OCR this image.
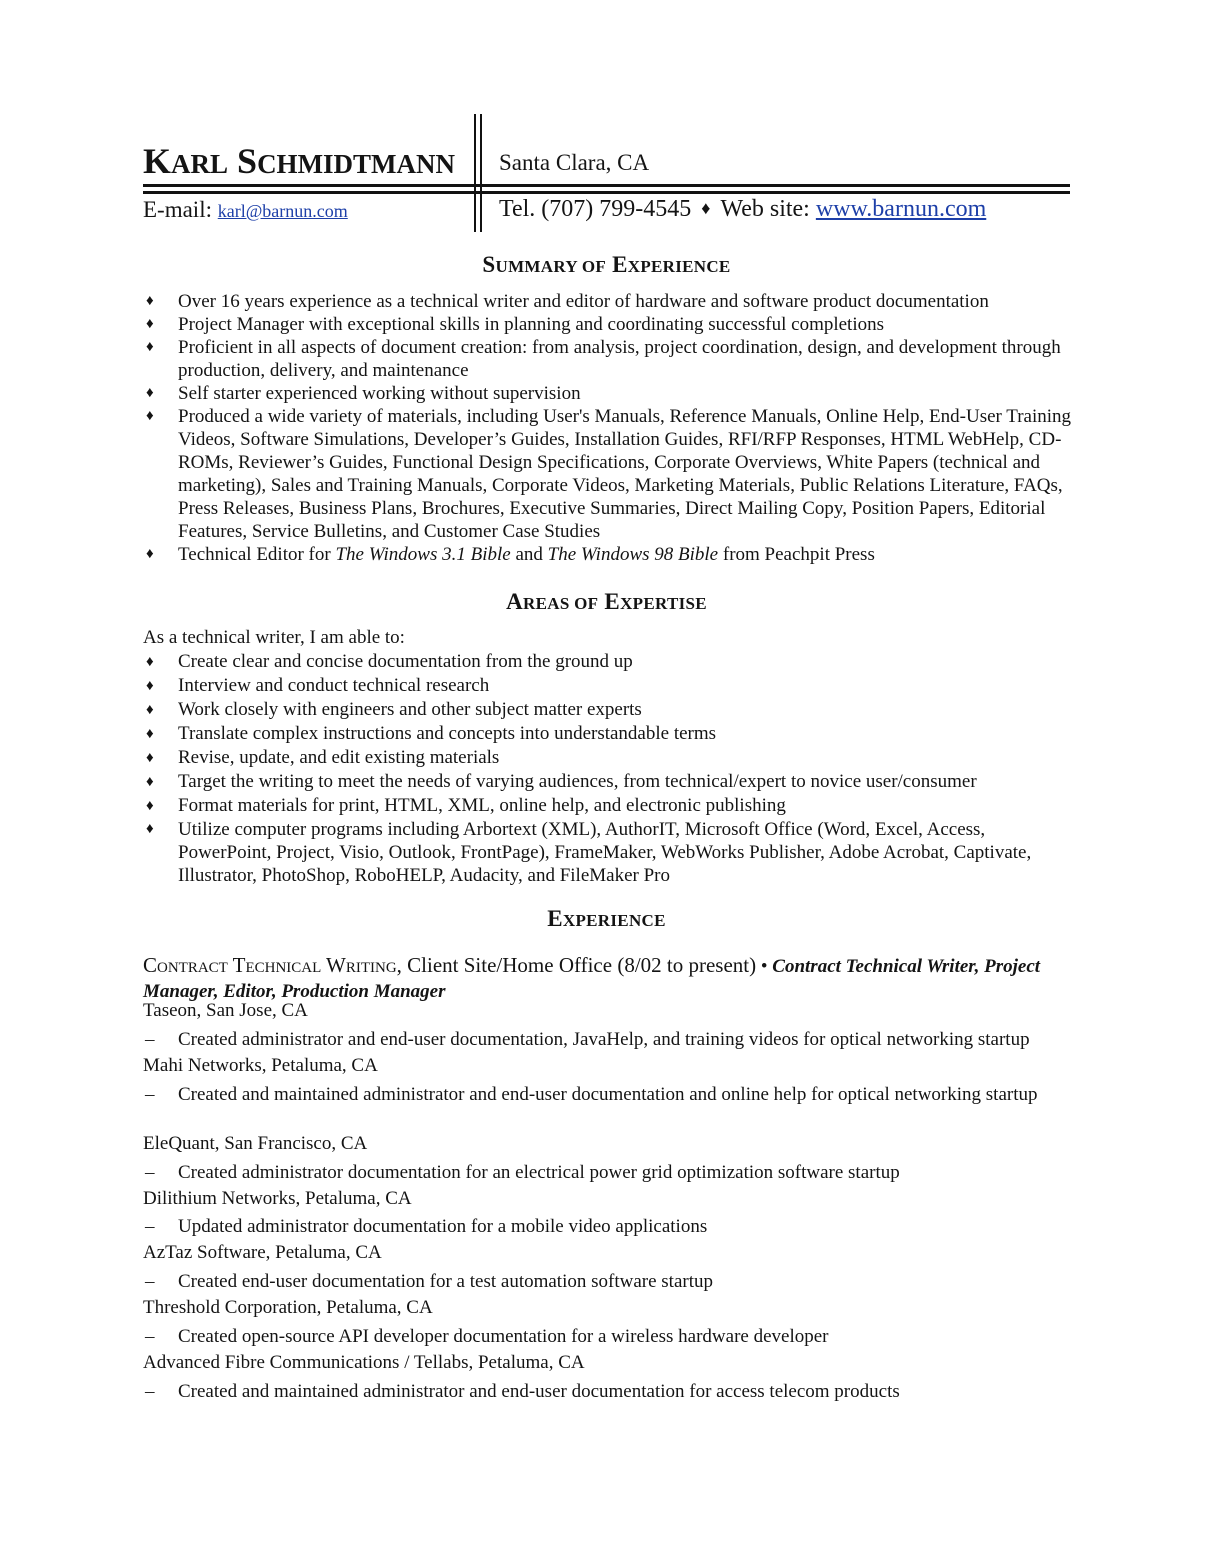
KARL SCHMIDTMANN Santa Clara, CA
E-mail: karl@barnun.com	Tel. (707) 799-4545 ♦ Web site: www.barnun.com
SUMMARY OF EXPERIENCE
♦ Over 16 years experience as a technical writer and editor of hardware and software product documentation
♦ Project Manager with exceptional skills in planning and coordinating successful completions
♦ Proficient in all aspects of document creation: from analysis, project coordination, design, and development through production, delivery, and maintenance
♦ Self starter experienced working without supervision
♦ Produced a wide variety of materials, including User's Manuals, Reference Manuals, Online Help, End-User Training Videos, Software Simulations, Developer’s Guides, Installation Guides, RFI/RFP Responses, HTML WebHelp, CD-ROMs, Reviewer’s Guides, Functional Design Specifications, Corporate Overviews, White Papers (technical and marketing), Sales and Training Manuals, Corporate Videos, Marketing Materials, Public Relations Literature, FAQs, Press Releases, Business Plans, Brochures, Executive Summaries, Direct Mailing Copy, Position Papers, Editorial Features, Service Bulletins, and Customer Case Studies
♦ Technical Editor for The Windows 3.1 Bible and The Windows 98 Bible from Peachpit Press
AREAS OF EXPERTISE
As a technical writer, I am able to:
♦ Create clear and concise documentation from the ground up
♦ Interview and conduct technical research
♦ Work closely with engineers and other subject matter experts
♦ Translate complex instructions and concepts into understandable terms
♦ Revise, update, and edit existing materials
♦ Target the writing to meet the needs of varying audiences, from technical/expert to novice user/consumer
♦ Format materials for print, HTML, XML, online help, and electronic publishing
♦ Utilize computer programs including Arbortext (XML), AuthorIT, Microsoft Office (Word, Excel, Access, PowerPoint, Project, Visio, Outlook, FrontPage), FrameMaker, WebWorks Publisher, Adobe Acrobat, Captivate, Illustrator, PhotoShop, RoboHELP, Audacity, and FileMaker Pro
EXPERIENCE
CONTRACT TECHNICAL WRITING, Client Site/Home Office (8/02 to present) • Contract Technical Writer, Project Manager, Editor, Production Manager
Taseon, San Jose, CA
– Created administrator and end-user documentation, JavaHelp, and training videos for optical networking startup
Mahi Networks, Petaluma, CA
– Created and maintained administrator and end-user documentation and online help for optical networking startup
EleQuant, San Francisco, CA
– Created administrator documentation for an electrical power grid optimization software startup
Dilithium Networks, Petaluma, CA
– Updated administrator documentation for a mobile video applications
AzTaz Software, Petaluma, CA
– Created end-user documentation for a test automation software startup
Threshold Corporation, Petaluma, CA
– Created open-source API developer documentation for a wireless hardware developer
Advanced Fibre Communications / Tellabs, Petaluma, CA
– Created and maintained administrator and end-user documentation for access telecom products
